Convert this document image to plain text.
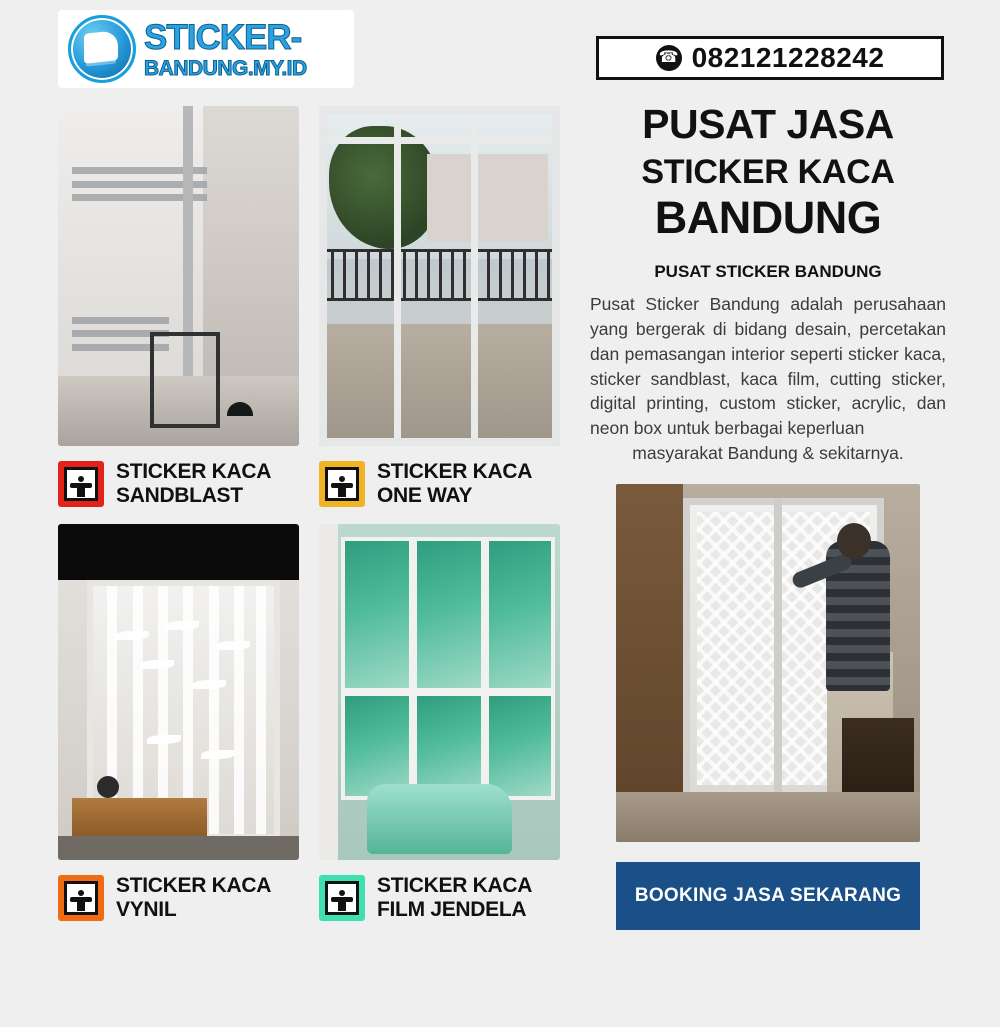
STICKER-
BANDUNG.MY.ID
STICKER KACA
SANDBLAST
STICKER KACA
ONE WAY
STICKER KACA
VYNIL
STICKER KACA
FILM JENDELA
☎ 082121228242
PUSAT JASA
STICKER KACA
BANDUNG
PUSAT STICKER BANDUNG
Pusat Sticker Bandung adalah perusahaan yang bergerak di bidang desain, percetakan dan pemasangan interior seperti sticker kaca, sticker sandblast, kaca film, cutting sticker, digital printing, custom sticker, acrylic, dan neon box untuk berbagai keperluan
masyarakat Bandung & sekitarnya.
BOOKING JASA SEKARANG
